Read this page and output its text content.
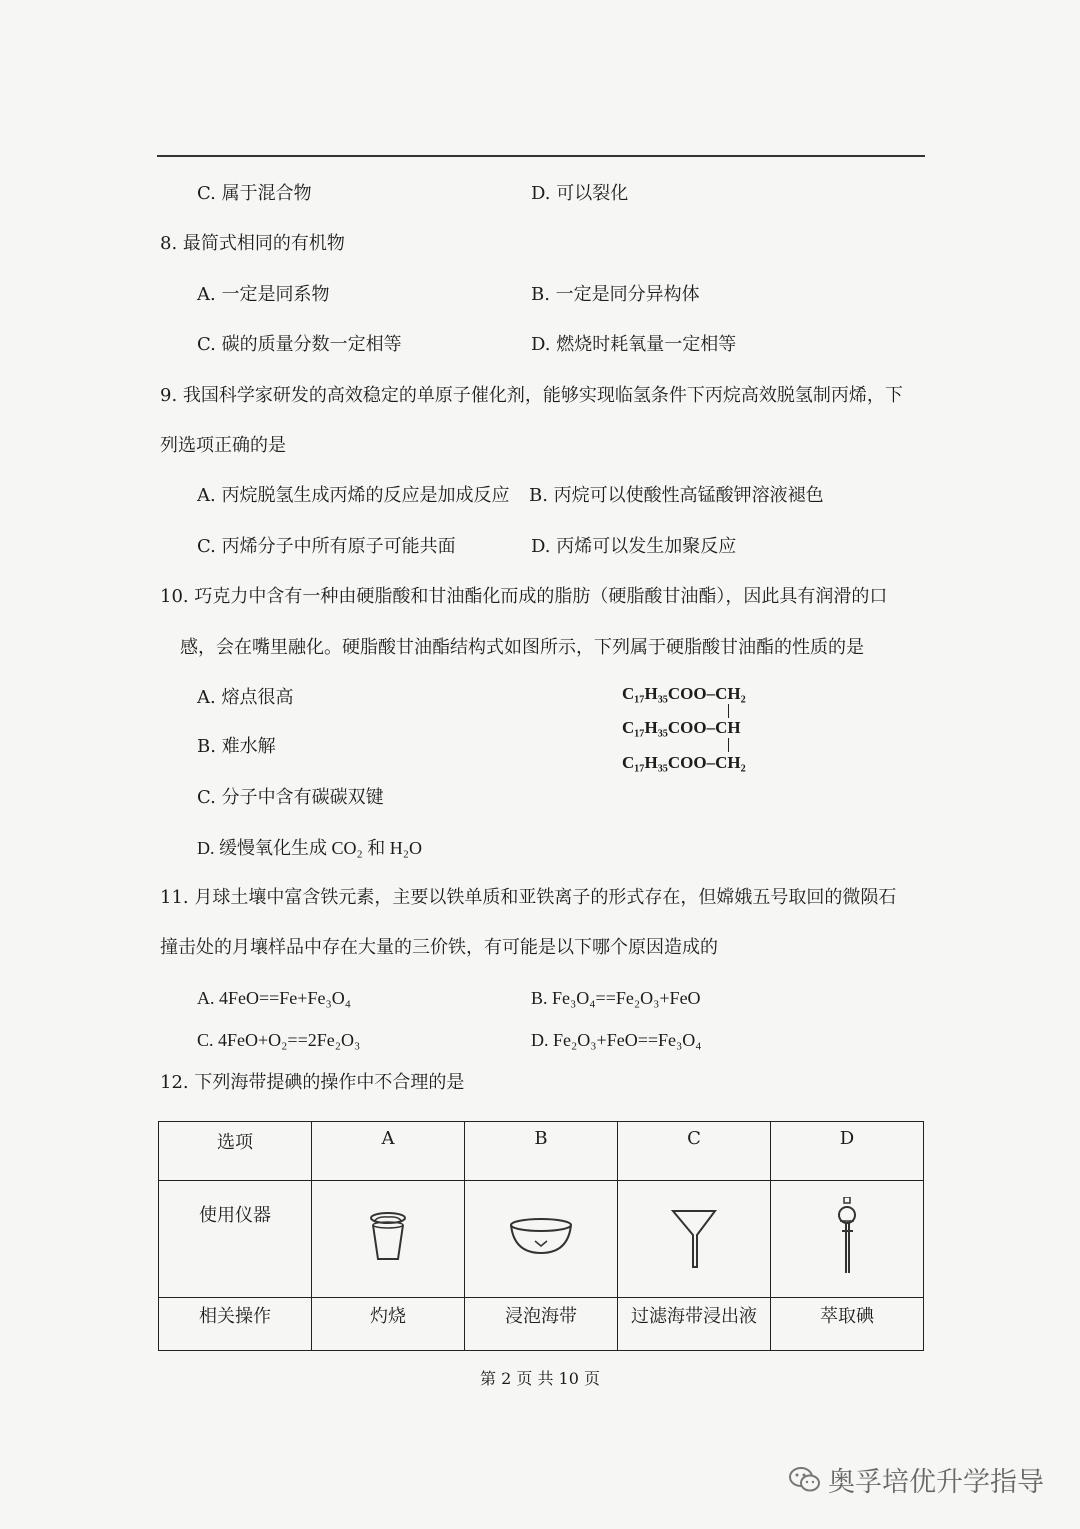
C. 属于混合物	D. 可以裂化
8. 最简式相同的有机物
A. 一定是同系物	B. 一定是同分异构体
C. 碳的质量分数一定相等	D. 燃烧时耗氧量一定相等
9. 我国科学家研发的高效稳定的单原子催化剂，能够实现临氢条件下丙烷高效脱氢制丙烯，下
列选项正确的是
A. 丙烷脱氢生成丙烯的反应是加成反应 B. 丙烷可以使酸性高锰酸钾溶液褪色
C. 丙烯分子中所有原子可能共面	D. 丙烯可以发生加聚反应
10. 巧克力中含有一种由硬脂酸和甘油酯化而成的脂肪（硬脂酸甘油酯），因此具有润滑的口
感，会在嘴里融化。硬脂酸甘油酯结构式如图所示，下列属于硬脂酸甘油酯的性质的是
A. 熔点很高
B. 难水解
C. 分子中含有碳碳双键
D. 缓慢氧化生成 CO₂ 和 H₂O
C₁₇H₃₅COO–CH₂
C₁₇H₃₅COO–CH
C₁₇H₃₅COO–CH₂
11. 月球土壤中富含铁元素，主要以铁单质和亚铁离子的形式存在，但嫦娥五号取回的微陨石
撞击处的月壤样品中存在大量的三价铁，有可能是以下哪个原因造成的
A. 4FeO==Fe+Fe₃O₄	B. Fe₃O₄==Fe₂O₃+FeO
C. 4FeO+O₂==2Fe₂O₃	D. Fe₂O₃+FeO==Fe₃O₄
12. 下列海带提碘的操作中不合理的是
选项	A	B	C	D
使用仪器				
相关操作	灼烧	浸泡海带	过滤海带浸出液	萃取碘
第 2 页 共 10 页
奥孚培优升学指导
